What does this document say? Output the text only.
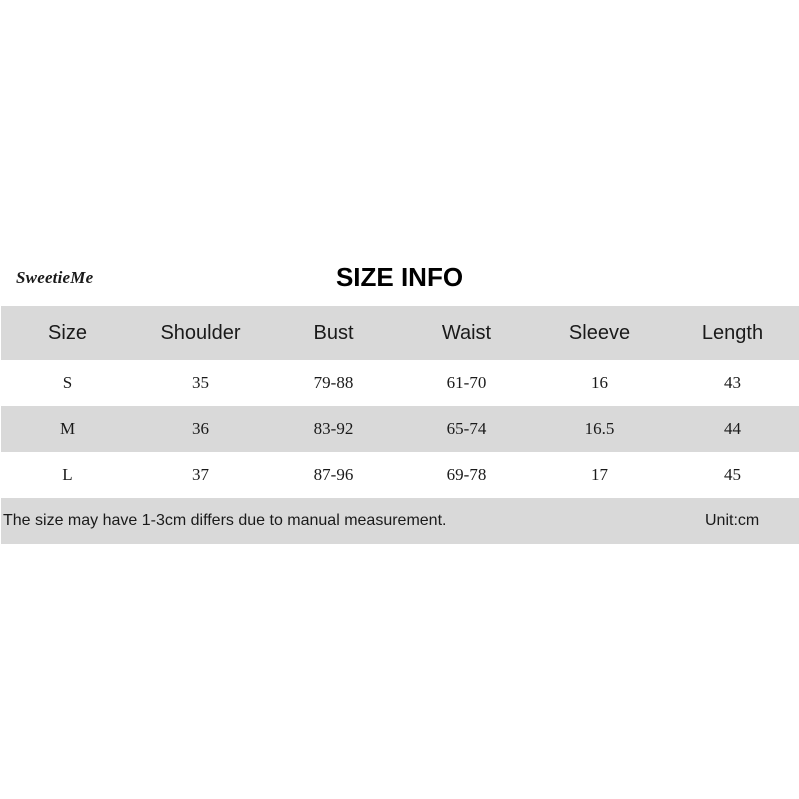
SweetieMe	SIZE INFO
Size	Shoulder	Bust	Waist	Sleeve	Length
S	35	79-88	61-70	16	43
M	36	83-92	65-74	16.5	44
L	37	87-96	69-78	17	45
The size may have 1-3cm differs due to manual measurement.	Unit:cm
